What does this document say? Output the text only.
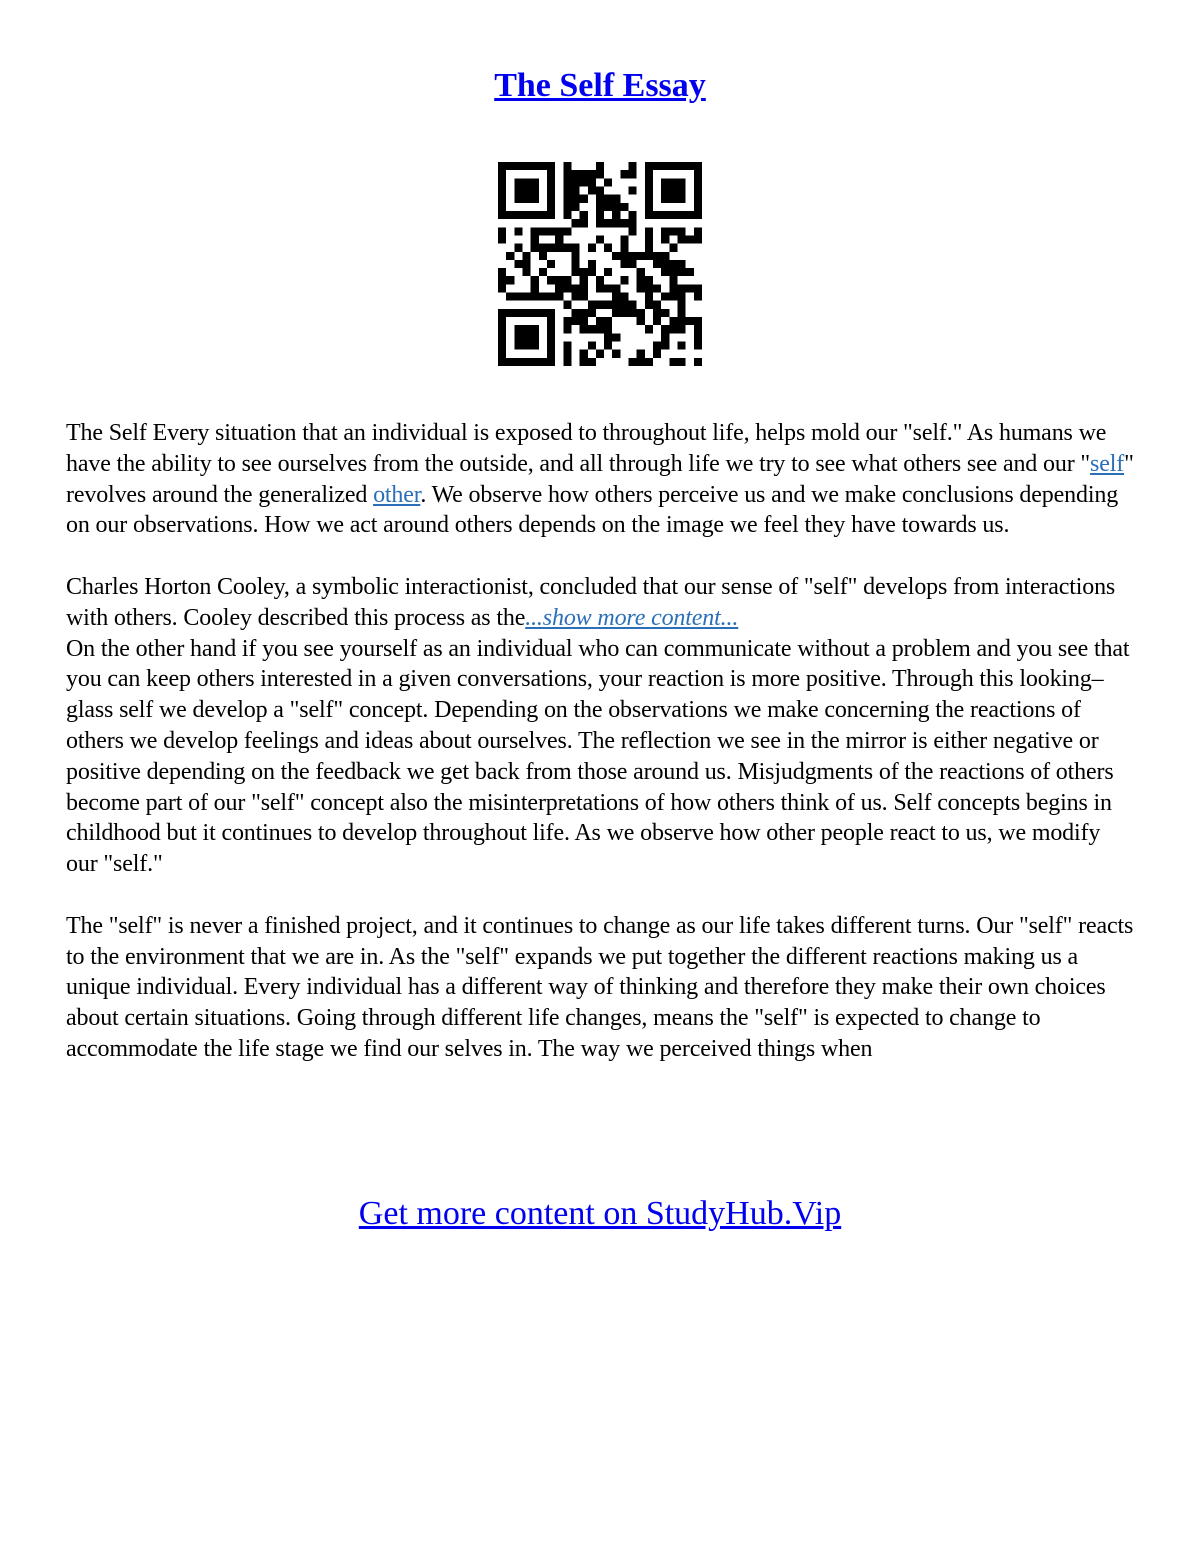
The Self Essay

The Self Every situation that an individual is exposed to throughout life, helps mold our "self." As humans we have the ability to see ourselves from the outside, and all through life we try to see what others see and our "self" revolves around the generalized other. We observe how others perceive us and we make conclusions depending on our observations. How we act around others depends on the image we feel they have towards us.

Charles Horton Cooley, a symbolic interactionist, concluded that our sense of "self" develops from interactions with others. Cooley described this process as the...show more content...
On the other hand if you see yourself as an individual who can communicate without a problem and you see that you can keep others interested in a given conversations, your reaction is more positive. Through this looking– glass self we develop a "self" concept. Depending on the observations we make concerning the reactions of others we develop feelings and ideas about ourselves. The reflection we see in the mirror is either negative or positive depending on the feedback we get back from those around us. Misjudgments of the reactions of others become part of our "self" concept also the misinterpretations of how others think of us. Self concepts begins in childhood but it continues to develop throughout life. As we observe how other people react to us, we modify our "self."

The "self" is never a finished project, and it continues to change as our life takes different turns. Our "self" reacts to the environment that we are in. As the "self" expands we put together the different reactions making us a unique individual. Every individual has a different way of thinking and therefore they make their own choices about certain situations. Going through different life changes, means the "self" is expected to change to accommodate the life stage we find our selves in. The way we perceived things when

Get more content on StudyHub.Vip
